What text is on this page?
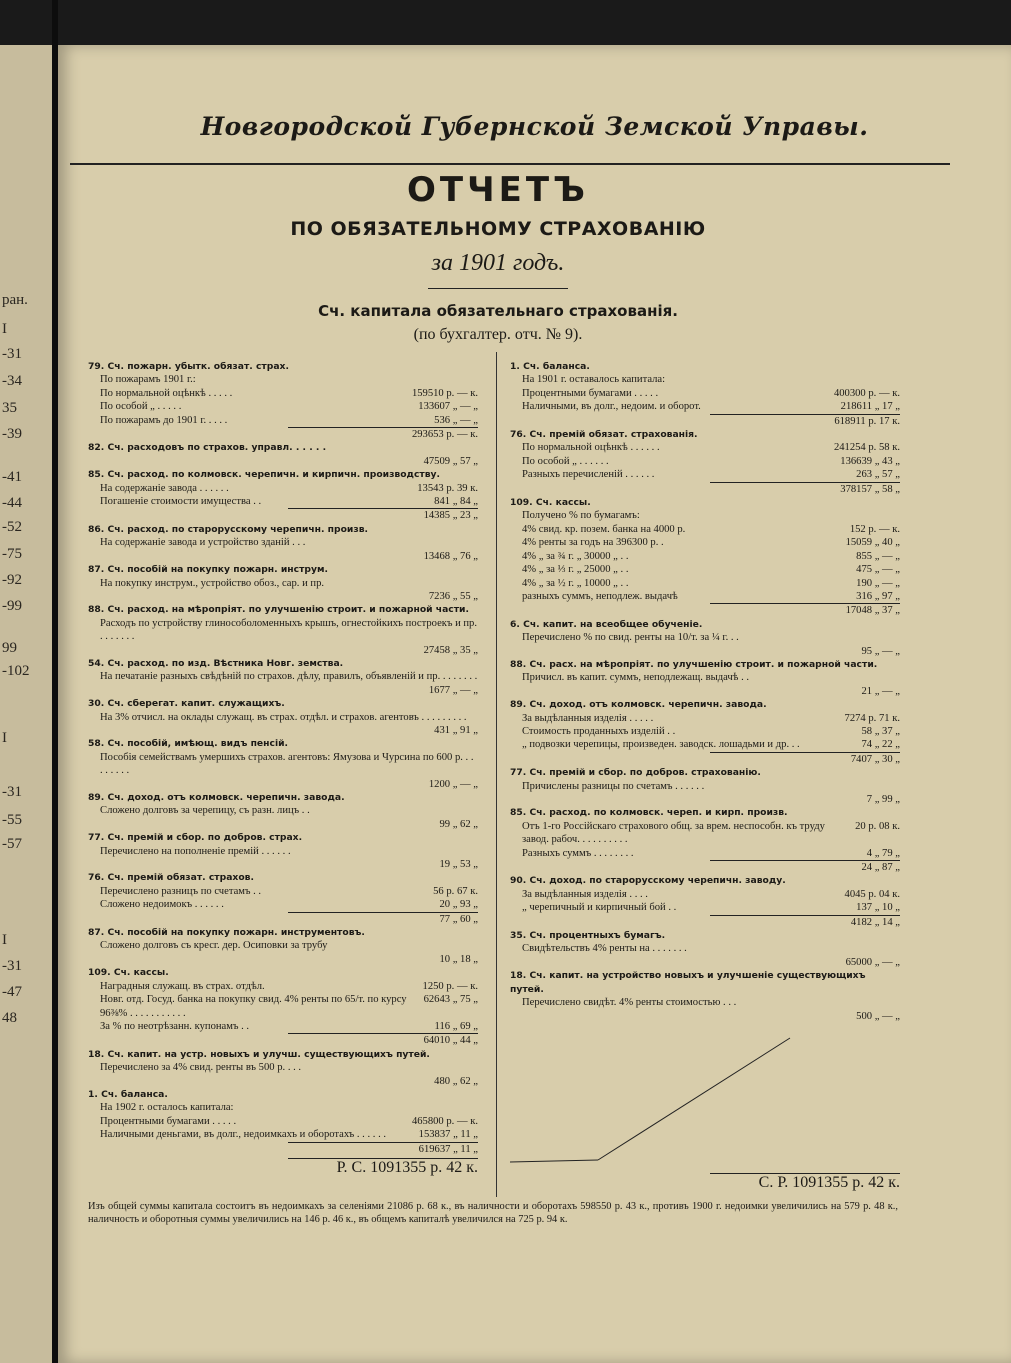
ран.
I
-31
-34
35
-39
-41
-44
-52
-75
-92
-99
99
-102
I
-31
-55
-57
I
-31
-47
48
Новгородской Губернской Земской Управы.
ОТЧЕТЪ
ПО ОБЯЗАТЕЛЬНОМУ СТРАХОВАНІЮ
за 1901 годъ.
Сч. капитала обязательнаго страхованія.
(по бухгалтер. отч. № 9).
79. Сч. пожарн. убытк. обязат. страх.
По пожарамъ 1901 г.:
По нормальной оцѣнкѣ . . . . .	159510 р. — к.
По особой „ . . . . .	133607 „ — „
По пожарамъ до 1901 г. . . . .	536 „ — „
293653 р. — к.
82. Сч. расходовъ по страхов. управл. . . . . .
47509 „ 57 „
85. Сч. расход. по колмовск. черепичн. и кирпичн. производству.
На содержаніе завода . . . . . .	13543 р. 39 к.
Погашеніе стоимости имущества . .	841 „ 84 „
14385 „ 23 „
86. Сч. расход. по старорусскому черепичн. произв.
На содержаніе завода и устройство зданій . . .
13468 „ 76 „
87. Сч. пособій на покупку пожарн. инструм.
На покупку инструм., устройство обоз., сар. и пр.
7236 „ 55 „
88. Сч. расход. на мѣропріят. по улучшенію строит. и пожарной части.
Расходъ по устройству глинособоломенныхъ крышъ, огнестойкихъ построекъ и пр. . . . . . . .
27458 „ 35 „
54. Сч. расход. по изд. Вѣстника Новг. земства.
На печатаніе разныхъ свѣдѣній по страхов. дѣлу, правилъ, объявленій и пр. . . . . . . .
1677 „ — „
30. Сч. сберегат. капит. служащихъ.
На 3% отчисл. на оклады служащ. въ страх. отдѣл. и страхов. агентовъ . . . . . . . . .
431 „ 91 „
58. Сч. пособій, имѣющ. видъ пенсій.
Пособія семействамъ умершихъ страхов. агентовъ: Ямузова и Чурсина по 600 р. . . . . . . . .
1200 „ — „
89. Сч. доход. отъ колмовск. черепичн. завода.
Сложено долговъ за черепицу, съ разн. лицъ . .
99 „ 62 „
77. Сч. премій и сбор. по добров. страх.
Перечислено на пополненіе премій . . . . . .
19 „ 53 „
76. Сч. премій обязат. страхов.
Перечислено разницъ по счетамъ . .	56 р. 67 к.
Сложено недоимокъ . . . . . .	20 „ 93 „
77 „ 60 „
87. Сч. пособій на покупку пожарн. инструментовъ.
Сложено долговъ съ кресг. дер. Осиповки за трубу
10 „ 18 „
109. Сч. кассы.
Наградныя служащ. въ страх. отдѣл.	1250 р. — к.
Новг. отд. Госуд. банка на покупку свид. 4% ренты по 65/т. по курсу 96⅜% . . . . . . . . . . .
62643 „ 75 „
За % по неотрѣзанн. купонамъ . .	116 „ 69 „
64010 „ 44 „
18. Сч. капит. на устр. новыхъ и улучш. существующихъ путей.
Перечислено за 4% свид. ренты въ 500 р. . . .
480 „ 62 „
1. Сч. баланса.
На 1902 г. осталось капитала:
Процентными бумагами . . . . .	465800 р. — к.
Наличными деньгами, въ долг., недоимкахъ и оборотахъ . . . . . .	153837 „ 11 „
619637 „ 11 „
Р. С. 1091355 р. 42 к.
1. Сч. баланса.
На 1901 г. оставалось капитала:
Процентными бумагами . . . . .	400300 р. — к.
Наличными, въ долг., недоим. и оборот.	218611 „ 17 „
618911 р. 17 к.
76. Сч. премій обязат. страхованія.
По нормальной оцѣнкѣ . . . . . .	241254 р. 58 к.
По особой „ . . . . . .	136639 „ 43 „
Разныхъ перечисленій . . . . . .	263 „ 57 „
378157 „ 58 „
109. Сч. кассы.
Получено % по бумагамъ:
4% свид. кр. позем. банка на 4000 р.	152 р. — к.
4% ренты за годъ на 396300 р. .	15059 „ 40 „
4% „ за ¾ г. „ 30000 „ . .	855 „ — „
4% „ за ⅓ г. „ 25000 „ . .	475 „ — „
4% „ за ½ г. „ 10000 „ . .	190 „ — „
разныхъ суммъ, неподлеж. выдачѣ	316 „ 97 „
17048 „ 37 „
6. Сч. капит. на всеобщее обученіе.
Перечислено % по свид. ренты на 10/т. за ¼ г. . .
95 „ — „
88. Сч. расх. на мѣропріят. по улучшенію строит. и пожарной части.
Причисл. въ капит. суммъ, неподлежащ. выдачѣ . .
21 „ — „
89. Сч. доход. отъ колмовск. черепичн. завода.
За выдѣланныя изделія . . . . .	7274 р. 71 к.
Стоимость проданныхъ изделій . .	58 „ 37 „
„ подвозки черепицы, произведен. заводск. лошадьми и др. . .	74 „ 22 „
7407 „ 30 „
77. Сч. премій и сбор. по добров. страхованію.
Причислены разницы по счетамъ . . . . . .
7 „ 99 „
85. Сч. расход. по колмовск. череп. и кирп. произв.
Отъ 1-го Россійскаго страхового общ. за врем. неспособн. къ труду завод. рабоч. . . . . . . . . .
20 р. 08 к.
Разныхъ суммъ . . . . . . . .	4 „ 79 „
24 „ 87 „
90. Сч. доход. по старорусскому черепичн. заводу.
За выдѣланныя изделія . . . .	4045 р. 04 к.
„ черепичный и кирпичный бой . .	137 „ 10 „
4182 „ 14 „
35. Сч. процентныхъ бумагъ.
Свидѣтельствъ 4% ренты на . . . . . . .
65000 „ — „
18. Сч. капит. на устройство новыхъ и улучшеніе существующихъ путей.
Перечислено свидѣт. 4% ренты стоимостью . . .
500 „ — „
С. Р. 1091355 р. 42 к.
Изъ общей суммы капитала состоитъ въ недоимкахъ за селеніями 21086 р. 68 к., въ наличности и оборотахъ 598550 р. 43 к., противъ 1900 г. недоимки увеличились на 579 р. 48 к., наличность и оборотныя суммы увеличились на 146 р. 46 к., въ общемъ капиталѣ увеличился на 725 р. 94 к.
